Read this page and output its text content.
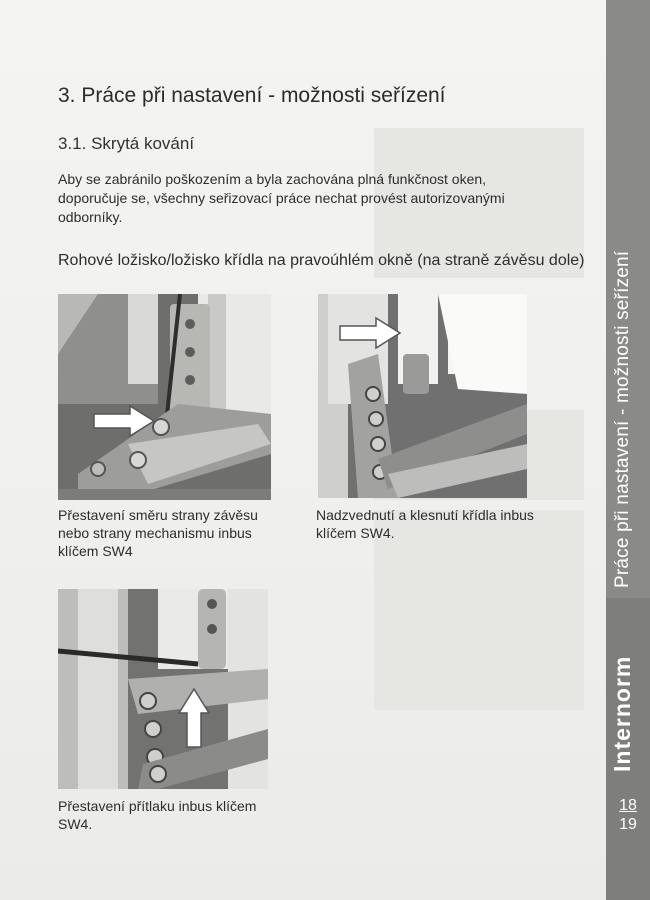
3. Práce při nastavení - možnosti seřízení
3.1. Skrytá kování

Aby se zabránilo poškozením a byla zachována plná funkčnost oken, doporučuje se, všechny seřizovací práce nechat provést autorizovanými odborníky.

Rohové ložisko/ložisko křídla na pravoúhlém okně (na straně závěsu dole)

Přestavení směru strany závěsu nebo strany mechanismu inbus klíčem SW4
Nadzvednutí a klesnutí křídla inbus klíčem SW4.
Přestavení přítlaku inbus klíčem SW4.
Práce při nastavení - možnosti seřízení
Internorm
18
19
